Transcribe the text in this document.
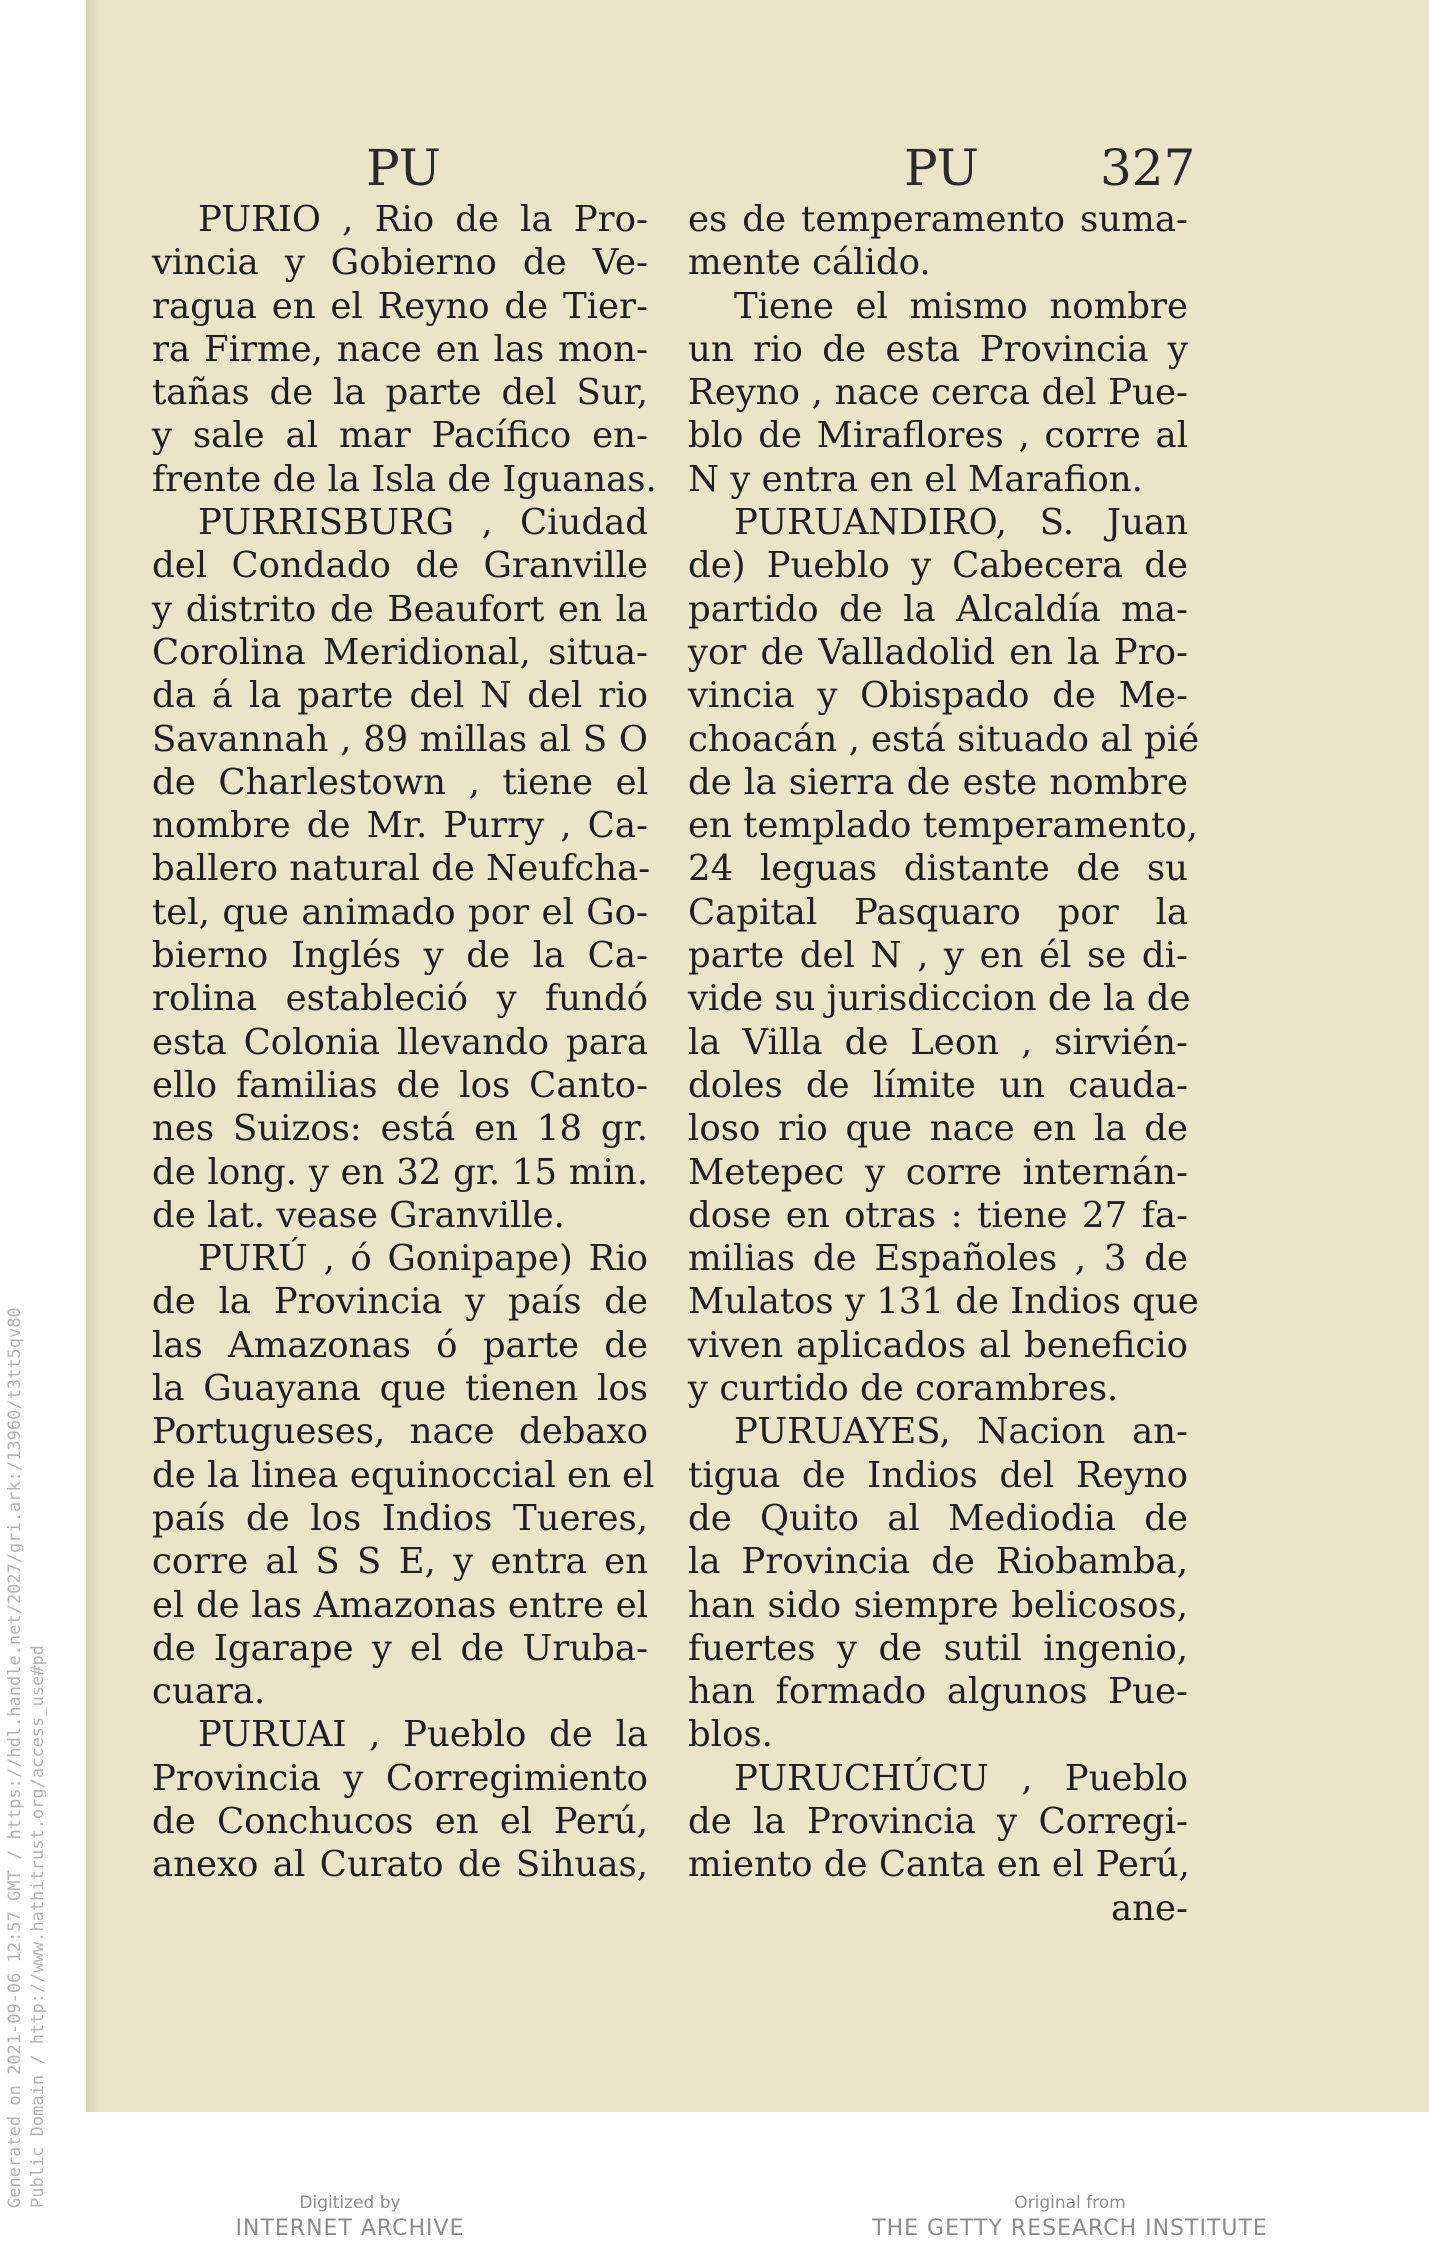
Generated on 2021-09-06 12:57 GMT / https://hdl.handle.net/2027/gri.ark:/13960/t3tt5qv80 Public Domain / http://www.hathitrust.org/access_use#pd
PU	PU 327
PURIO , Rio de la Pro-
vincia y Gobierno de Ve-
ragua en el Reyno de Tier-
ra Firme, nace en las mon-
tañas de la parte del Sur,
y sale al mar Pacífico en-
frente de la Isla de Iguanas.
PURRISBURG , Ciudad
del Condado de Granville
y distrito de Beaufort en la
Corolina Meridional, situa-
da á la parte del N del rio
Savannah , 89 millas al S O
de Charlestown , tiene el
nombre de Mr. Purry , Ca-
ballero natural de Neufcha-
tel, que animado por el Go-
bierno Inglés y de la Ca-
rolina estableció y fundó
esta Colonia llevando para
ello familias de los Canto-
nes Suizos: está en 18 gr.
de long. y en 32 gr. 15 min.
de lat. vease Granville.
PURÚ , ó Gonipape) Rio
de la Provincia y país de
las Amazonas ó parte de
la Guayana que tienen los
Portugueses, nace debaxo
de la linea equinoccial en el
país de los Indios Tueres,
corre al S S E, y entra en
el de las Amazonas entre el
de Igarape y el de Uruba-
cuara.
PURUAI , Pueblo de la
Provincia y Corregimiento
de Conchucos en el Perú,
anexo al Curato de Sihuas,
es de temperamento suma-
mente cálido.
Tiene el mismo nombre
un rio de esta Provincia y
Reyno , nace cerca del Pue-
blo de Miraflores , corre al
N y entra en el Marafion.
PURUANDIRO, S. Juan
de) Pueblo y Cabecera de
partido de la Alcaldía ma-
yor de Valladolid en la Pro-
vincia y Obispado de Me-
choacán , está situado al pié
de la sierra de este nombre
en templado temperamento,
24 leguas distante de su
Capital Pasquaro por la
parte del N , y en él se di-
vide su jurisdiccion de la de
la Villa de Leon , sirvién-
doles de límite un cauda-
loso rio que nace en la de
Metepec y corre internán-
dose en otras : tiene 27 fa-
milias de Españoles , 3 de
Mulatos y 131 de Indios que
viven aplicados al beneficio
y curtido de corambres.
PURUAYES, Nacion an-
tigua de Indios del Reyno
de Quito al Mediodia de
la Provincia de Riobamba,
han sido siempre belicosos,
fuertes y de sutil ingenio,
han formado algunos Pue-
blos.
PURUCHÚCU , Pueblo
de la Provincia y Corregi-
miento de Canta en el Perú,
ane-
Digitized by
INTERNET ARCHIVE
Original from
THE GETTY RESEARCH INSTITUTE
